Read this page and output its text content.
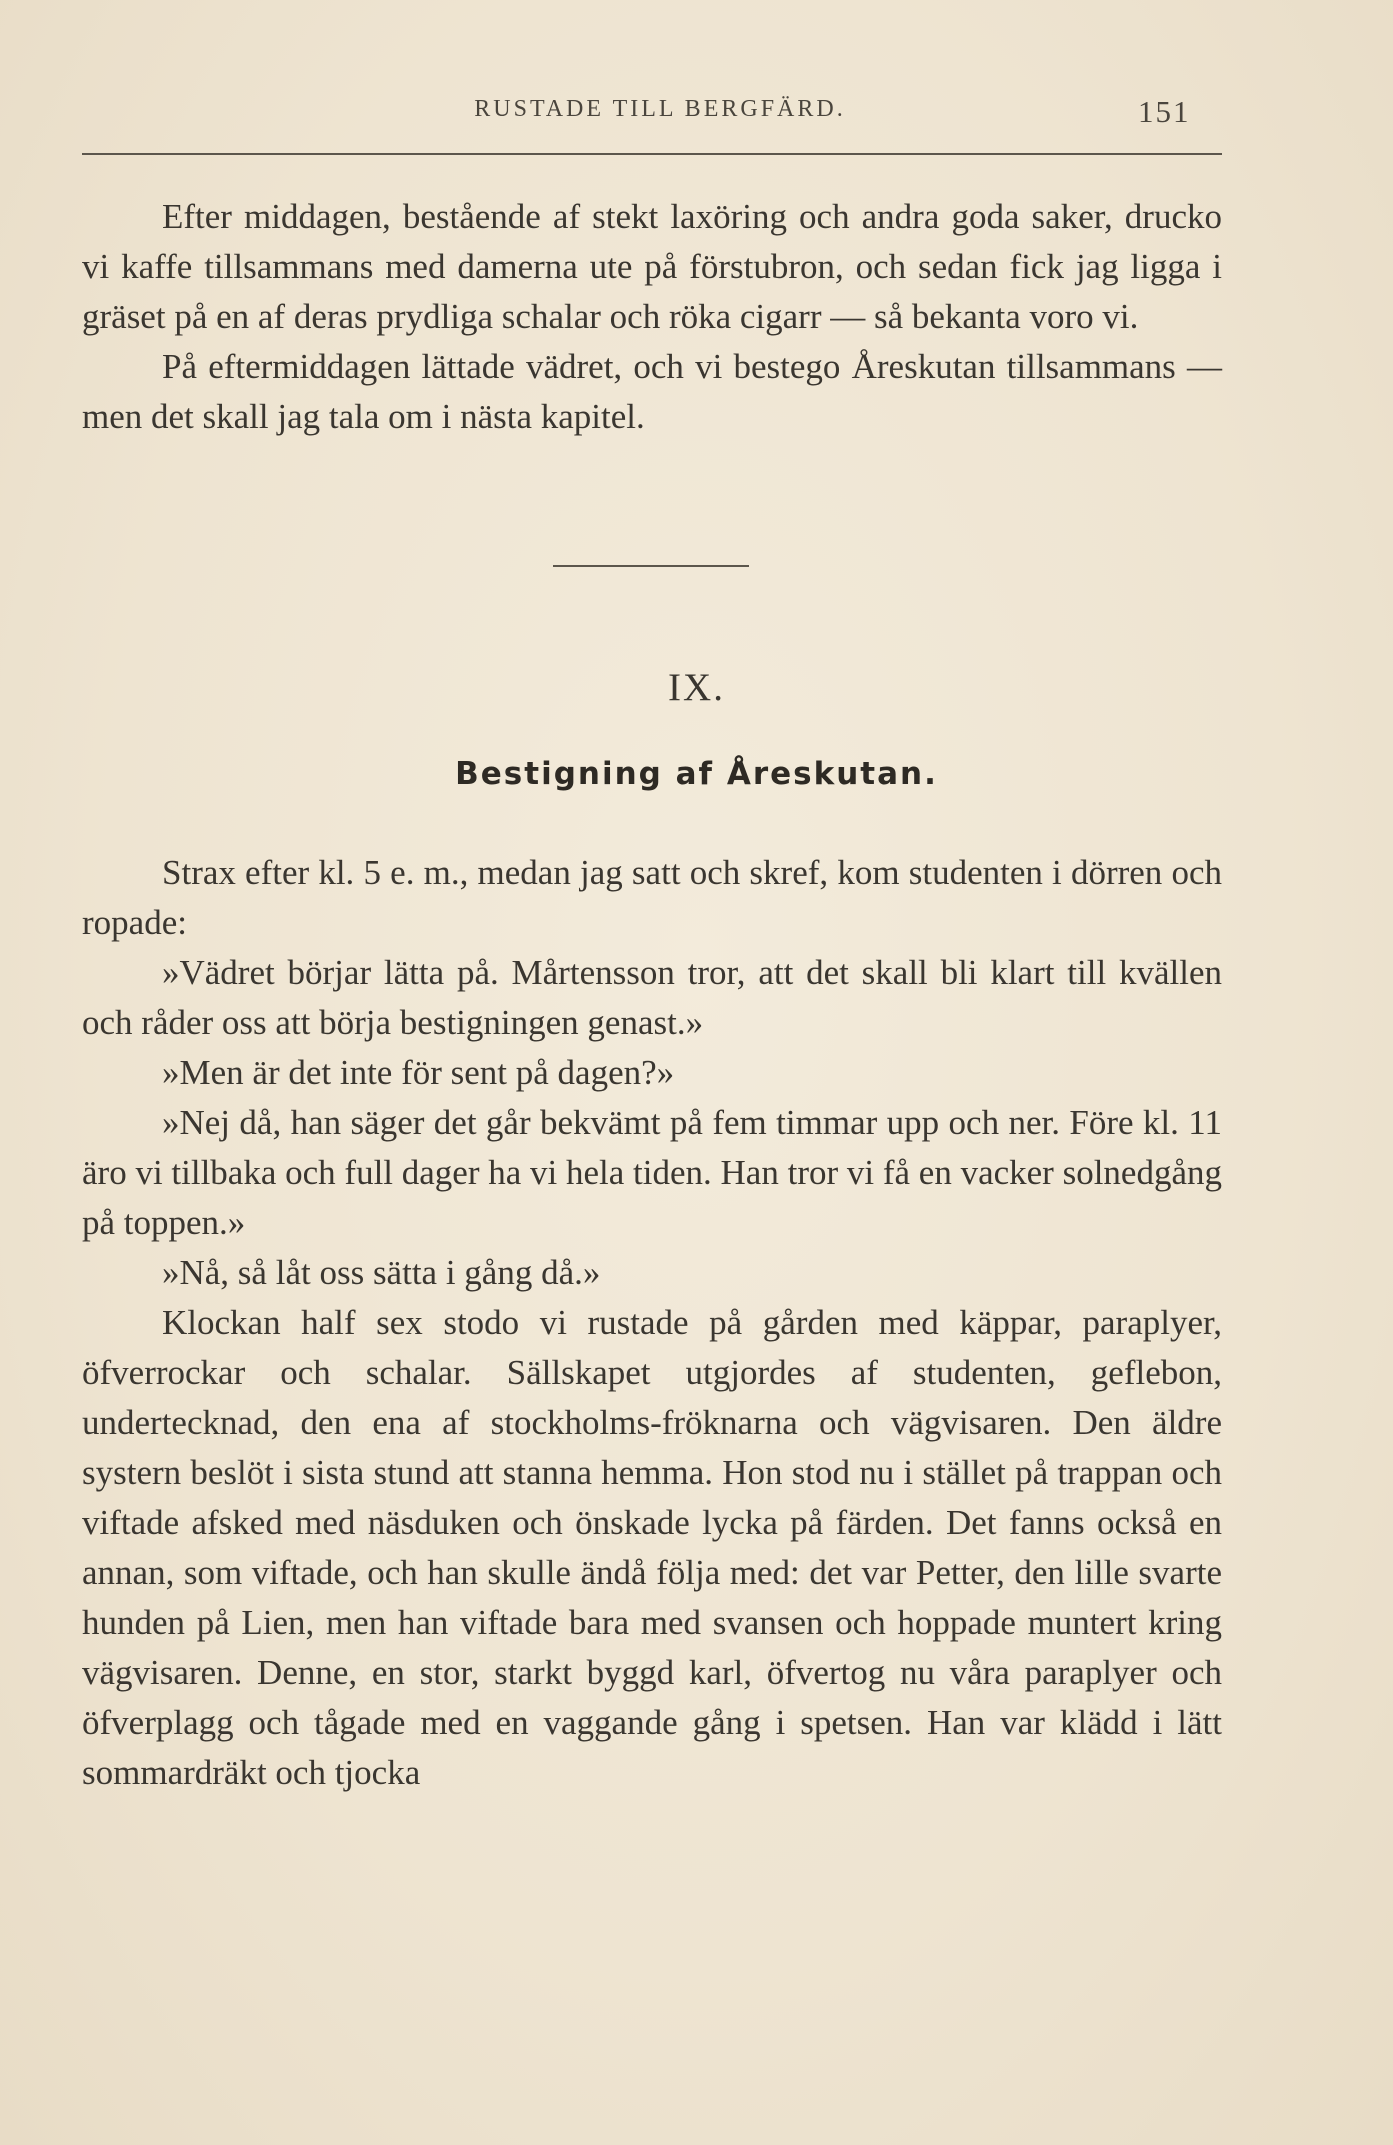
RUSTADE TILL BERGFÄRD.	151

Efter middagen, bestående af stekt laxöring och andra goda saker, drucko vi kaffe tillsammans med damerna ute på förstubron, och sedan fick jag ligga i gräset på en af deras prydliga schalar och röka cigarr — så bekanta voro vi.

På eftermiddagen lättade vädret, och vi bestego Åreskutan tillsammans — men det skall jag tala om i nästa kapitel.

IX.
Bestigning af Åreskutan.

Strax efter kl. 5 e. m., medan jag satt och skref, kom studenten i dörren och ropade:

»Vädret börjar lätta på. Mårtensson tror, att det skall bli klart till kvällen och råder oss att börja bestigningen genast.»

»Men är det inte för sent på dagen?»

»Nej då, han säger det går bekvämt på fem timmar upp och ner. Före kl. 11 äro vi tillbaka och full dager ha vi hela tiden. Han tror vi få en vacker solnedgång på toppen.»

»Nå, så låt oss sätta i gång då.»

Klockan half sex stodo vi rustade på gården med käppar, paraplyer, öfverrockar och schalar. Sällskapet utgjordes af studenten, geflebon, undertecknad, den ena af stockholms-fröknarna och vägvisaren. Den äldre systern beslöt i sista stund att stanna hemma. Hon stod nu i stället på trappan och viftade afsked med näsduken och önskade lycka på färden. Det fanns också en annan, som viftade, och han skulle ändå följa med: det var Petter, den lille svarte hunden på Lien, men han viftade bara med svansen och hoppade muntert kring vägvisaren. Denne, en stor, starkt byggd karl, öfvertog nu våra paraplyer och öfverplagg och tågade med en vaggande gång i spetsen. Han var klädd i lätt sommardräkt och tjocka
